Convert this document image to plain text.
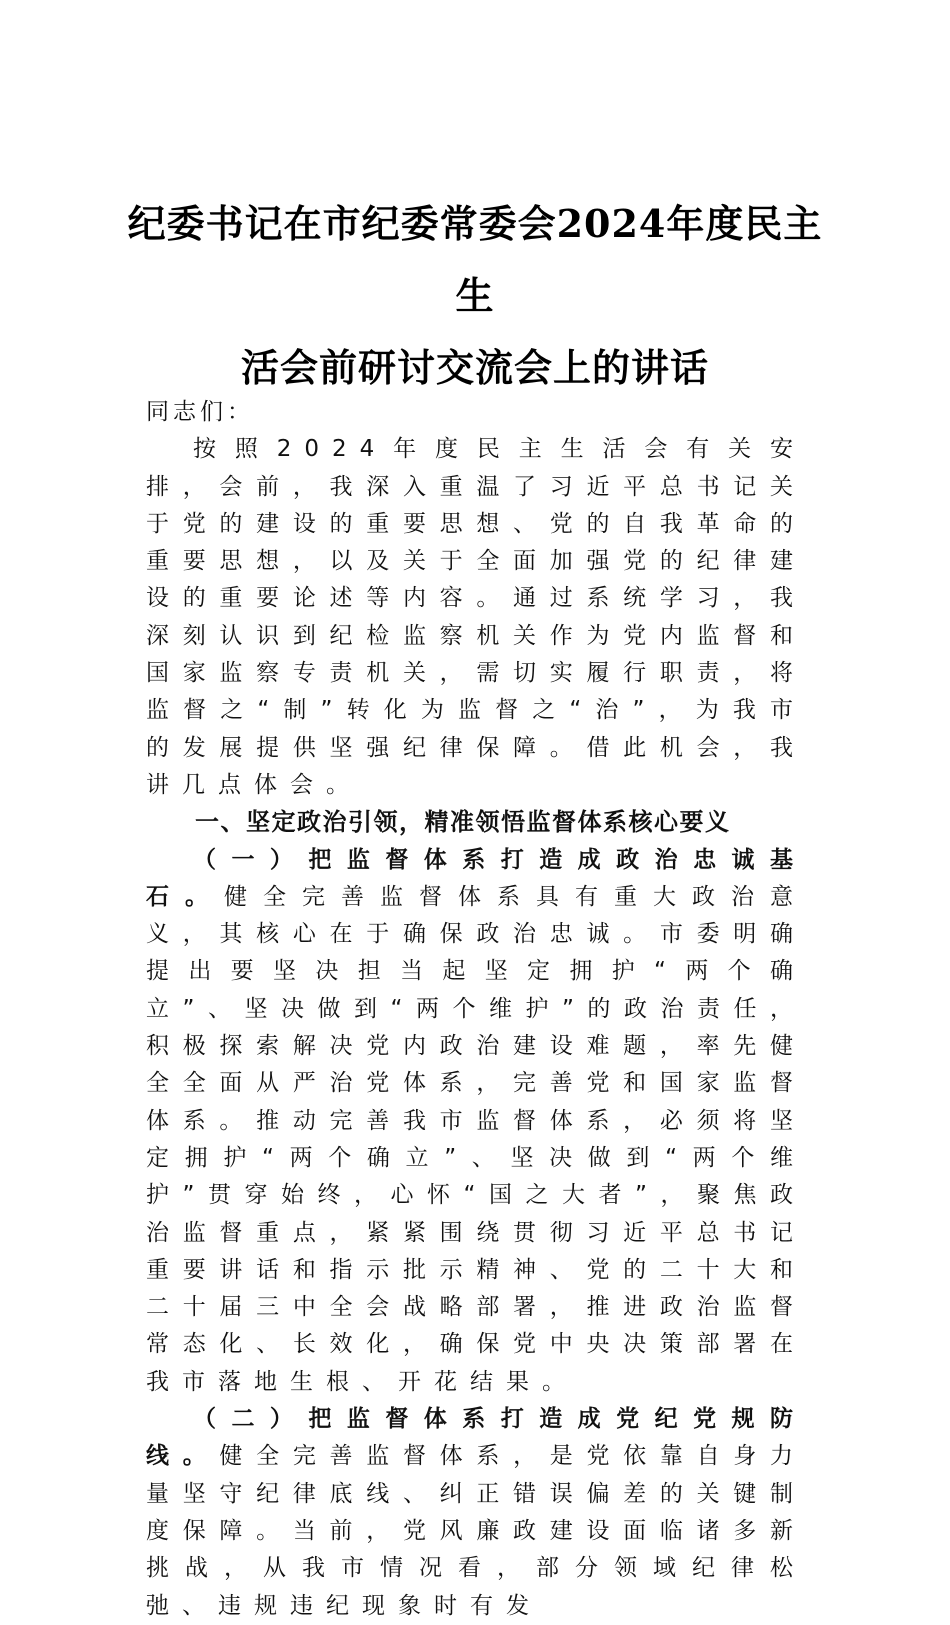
纪委书记在市纪委常委会2024年度民主生
活会前研讨交流会上的讲话

同志们：

按照2024年度民主生活会有关安排，会前，我深入重温了习近平总书记关于党的建设的重要思想、党的自我革命的重要思想，以及关于全面加强党的纪律建设的重要论述等内容。通过系统学习，我深刻认识到纪检监察机关作为党内监督和国家监察专责机关，需切实履行职责，将监督之“制”转化为监督之“治”，为我市的发展提供坚强纪律保障。借此机会，我讲几点体会。

一、坚定政治引领，精准领悟监督体系核心要义

（一）把监督体系打造成政治忠诚基石。健全完善监督体系具有重大政治意义，其核心在于确保政治忠诚。市委明确提出要坚决担当起坚定拥护“两个确立”、坚决做到“两个维护”的政治责任，积极探索解决党内政治建设难题，率先健全全面从严治党体系，完善党和国家监督体系。推动完善我市监督体系，必须将坚定拥护“两个确立”、坚决做到“两个维护”贯穿始终，心怀“国之大者”，聚焦政治监督重点，紧紧围绕贯彻习近平总书记重要讲话和指示批示精神、党的二十大和二十届三中全会战略部署，推进政治监督常态化、长效化，确保党中央决策部署在我市落地生根、开花结果。

（二）把监督体系打造成党纪党规防线。健全完善监督体系，是党依靠自身力量坚守纪律底线、纠正错误偏差的关键制度保障。当前，党风廉政建设面临诸多新挑战，从我市情况看，部分领域纪律松弛、违规违纪现象时有发
